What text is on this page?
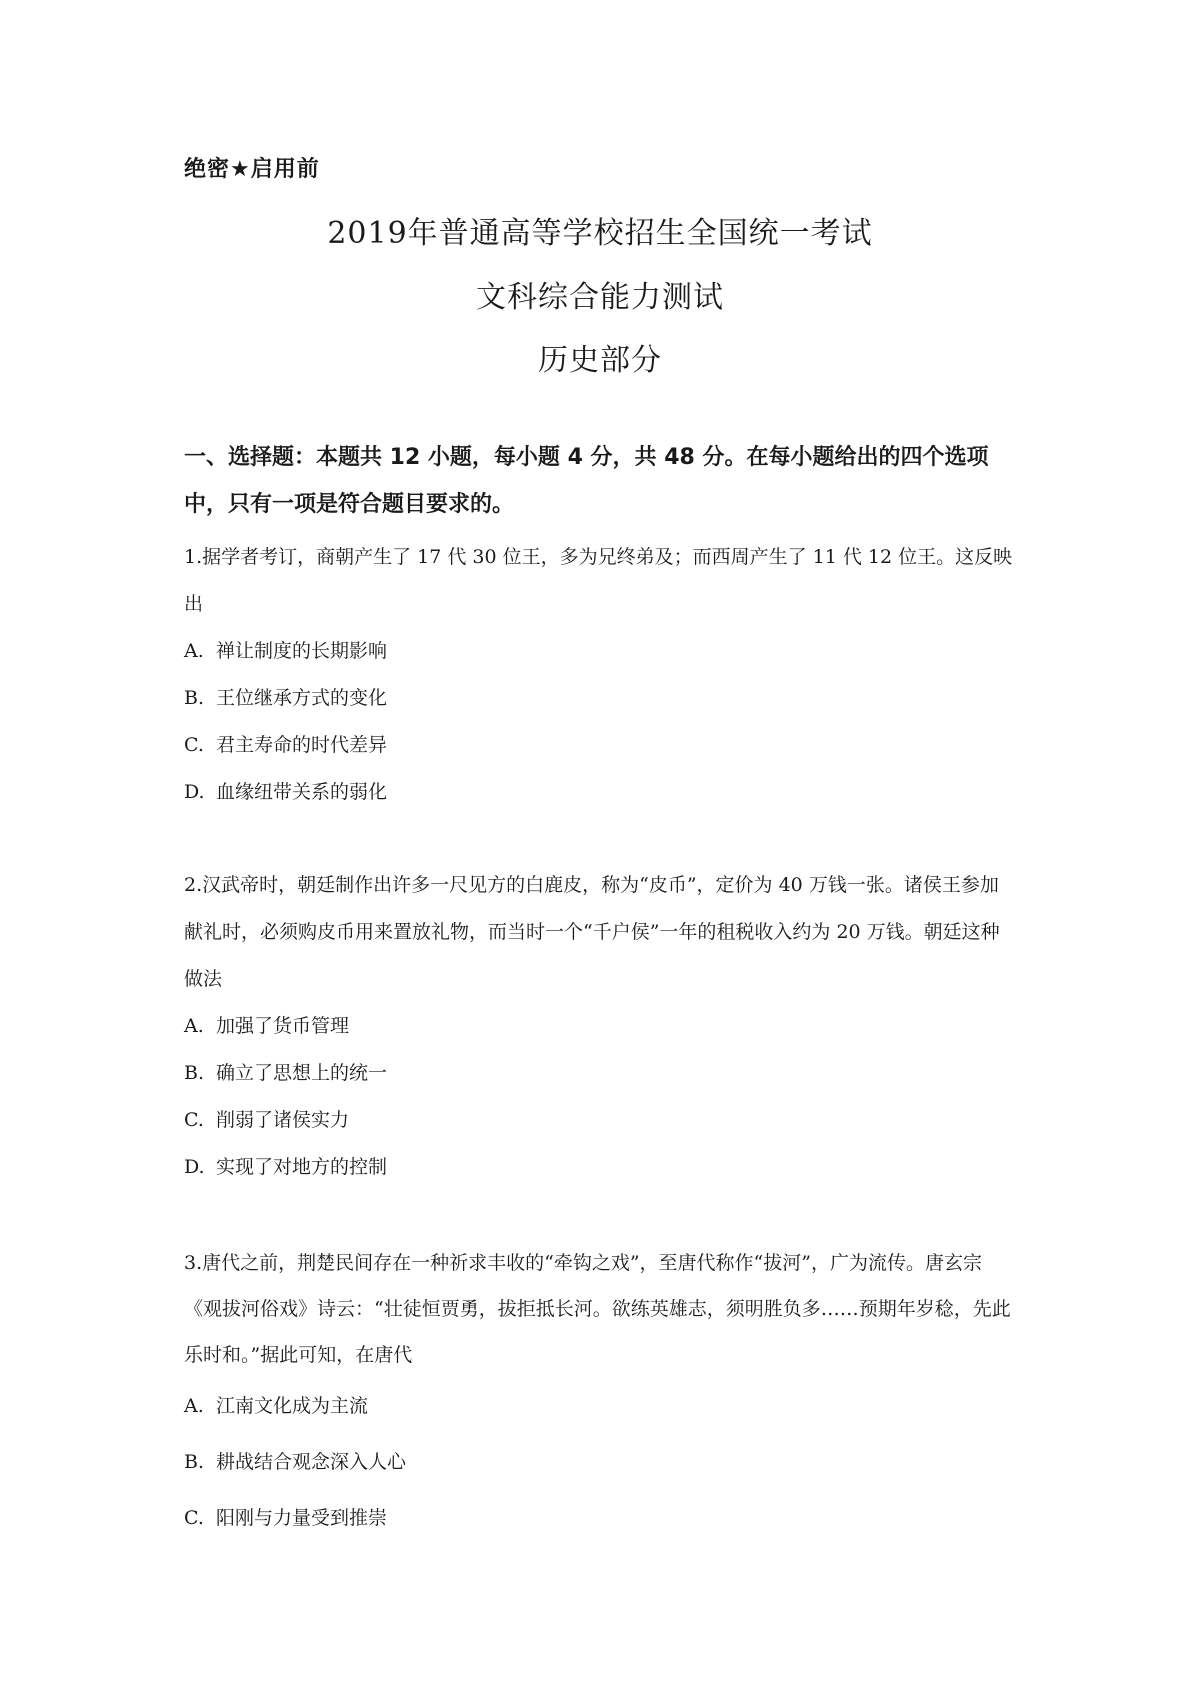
绝密★启用前
2019年普通高等学校招生全国统一考试
文科综合能力测试
历史部分
一、选择题：本题共 12 小题，每小题 4 分，共 48 分。在每小题给出的四个选项中，只有一项是符合题目要求的。
1.据学者考订，商朝产生了 17 代 30 位王，多为兄终弟及；而西周产生了 11 代 12 位王。这反映出
A. 禅让制度的长期影响
B. 王位继承方式的变化
C. 君主寿命的时代差异
D. 血缘纽带关系的弱化
2.汉武帝时，朝廷制作出许多一尺见方的白鹿皮，称为“皮币”，定价为 40 万钱一张。诸侯王参加献礼时，必须购皮币用来置放礼物，而当时一个“千户侯”一年的租税收入约为 20 万钱。朝廷这种做法
A. 加强了货币管理
B. 确立了思想上的统一
C. 削弱了诸侯实力
D. 实现了对地方的控制
3.唐代之前，荆楚民间存在一种祈求丰收的“牵钩之戏”，至唐代称作“拔河”，广为流传。唐玄宗《观拔河俗戏》诗云：“壮徒恒贾勇，拔拒抵长河。欲练英雄志，须明胜负多……预期年岁稔，先此乐时和。”据此可知，在唐代
A. 江南文化成为主流
B. 耕战结合观念深入人心
C. 阳刚与力量受到推崇
